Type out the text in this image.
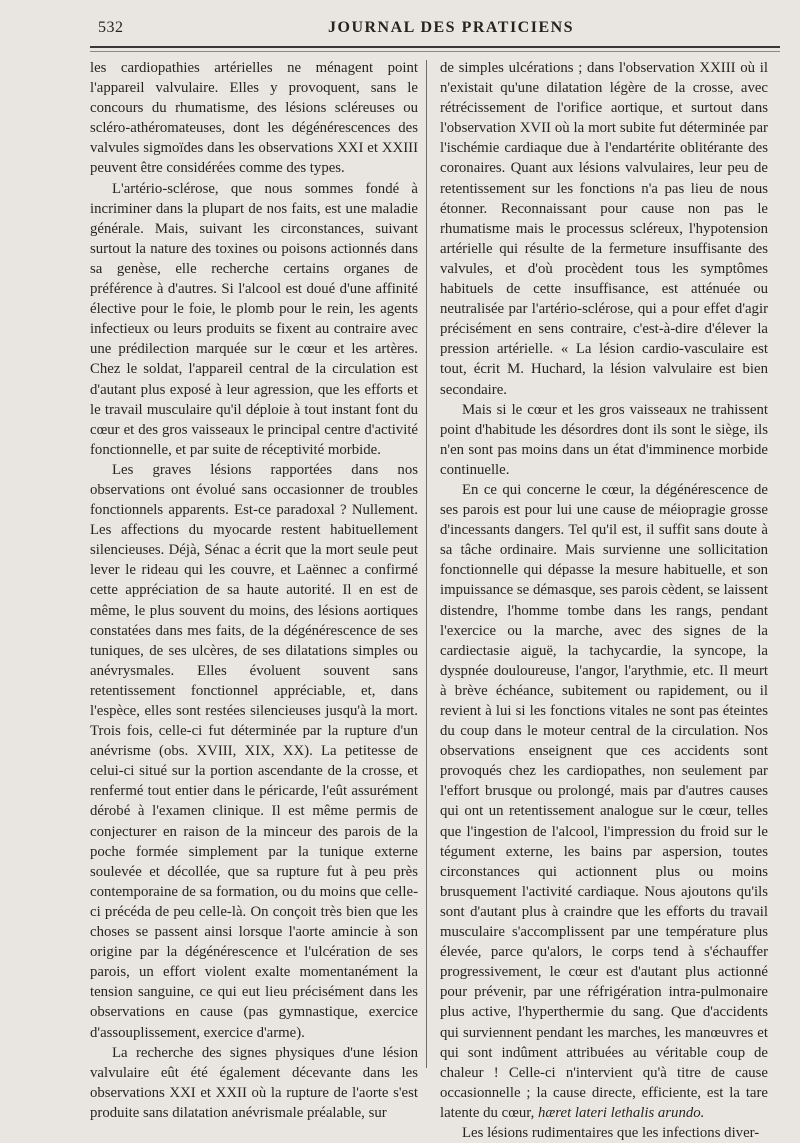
532	JOURNAL DES PRATICIENS

les cardiopathies artérielles ne ménagent point l'appareil valvulaire. Elles y provoquent, sans le concours du rhumatisme, des lésions scléreuses ou scléro-athéromateuses, dont les dégénérescences des valvules sigmoïdes dans les observations XXI et XXIII peuvent être considérées comme des types.

L'artério-sclérose, que nous sommes fondé à incriminer dans la plupart de nos faits, est une maladie générale. Mais, suivant les circonstances, suivant surtout la nature des toxines ou poisons actionnés dans sa genèse, elle recherche certains organes de préférence à d'autres. Si l'alcool est doué d'une affinité élective pour le foie, le plomb pour le rein, les agents infectieux ou leurs produits se fixent au contraire avec une prédilection marquée sur le cœur et les artères. Chez le soldat, l'appareil central de la circulation est d'autant plus exposé à leur agression, que les efforts et le travail musculaire qu'il déploie à tout instant font du cœur et des gros vaisseaux le principal centre d'activité fonctionnelle, et par suite de réceptivité morbide.

Les graves lésions rapportées dans nos observations ont évolué sans occasionner de troubles fonctionnels apparents. Est-ce paradoxal ? Nullement. Les affections du myocarde restent habituellement silencieuses. Déjà, Sénac a écrit que la mort seule peut lever le rideau qui les couvre, et Laënnec a confirmé cette appréciation de sa haute autorité. Il en est de même, le plus souvent du moins, des lésions aortiques constatées dans mes faits, de la dégénérescence de ses tuniques, de ses ulcères, de ses dilatations simples ou anévrysmales. Elles évoluent souvent sans retentissement fonctionnel appréciable, et, dans l'espèce, elles sont restées silencieuses jusqu'à la mort. Trois fois, celle-ci fut déterminée par la rupture d'un anévrisme (obs. XVIII, XIX, XX). La petitesse de celui-ci situé sur la portion ascendante de la crosse, et renfermé tout entier dans le péricarde, l'eût assurément dérobé à l'examen clinique. Il est même permis de conjecturer en raison de la minceur des parois de la poche formée simplement par la tunique externe soulevée et décollée, que sa rupture fut à peu près contemporaine de sa formation, ou du moins que celle-ci précéda de peu celle-là. On conçoit très bien que les choses se passent ainsi lorsque l'aorte amincie à son origine par la dégénérescence et l'ulcération de ses parois, un effort violent exalte momentanément la tension sanguine, ce qui eut lieu précisément dans les observations en cause (pas gymnastique, exercice d'assouplissement, exercice d'arme).

La recherche des signes physiques d'une lésion valvulaire eût été également décevante dans les observations XXI et XXII où la rupture de l'aorte s'est produite sans dilatation anévrismale préalable, sur

de simples ulcérations ; dans l'observation XXIII où il n'existait qu'une dilatation légère de la crosse, avec rétrécissement de l'orifice aortique, et surtout dans l'observation XVII où la mort subite fut déterminée par l'ischémie cardiaque due à l'endartérite oblitérante des coronaires. Quant aux lésions valvulaires, leur peu de retentissement sur les fonctions n'a pas lieu de nous étonner. Reconnaissant pour cause non pas le rhumatisme mais le processus scléreux, l'hypotension artérielle qui résulte de la fermeture insuffisante des valvules, et d'où procèdent tous les symptômes habituels de cette insuffisance, est atténuée ou neutralisée par l'artério-sclérose, qui a pour effet d'agir précisément en sens contraire, c'est-à-dire d'élever la pression artérielle. « La lésion cardio-vasculaire est tout, écrit M. Huchard, la lésion valvulaire est bien secondaire.

Mais si le cœur et les gros vaisseaux ne trahissent point d'habitude les désordres dont ils sont le siège, ils n'en sont pas moins dans un état d'imminence morbide continuelle.

En ce qui concerne le cœur, la dégénérescence de ses parois est pour lui une cause de méiopragie grosse d'incessants dangers. Tel qu'il est, il suffit sans doute à sa tâche ordinaire. Mais survienne une sollicitation fonctionnelle qui dépasse la mesure habituelle, et son impuissance se démasque, ses parois cèdent, se laissent distendre, l'homme tombe dans les rangs, pendant l'exercice ou la marche, avec des signes de la cardiectasie aiguë, la tachycardie, la syncope, la dyspnée douloureuse, l'angor, l'arythmie, etc. Il meurt à brève échéance, subitement ou rapidement, ou il revient à lui si les fonctions vitales ne sont pas éteintes du coup dans le moteur central de la circulation. Nos observations enseignent que ces accidents sont provoqués chez les cardiopathes, non seulement par l'effort brusque ou prolongé, mais par d'autres causes qui ont un retentissement analogue sur le cœur, telles que l'ingestion de l'alcool, l'impression du froid sur le tégument externe, les bains par aspersion, toutes circonstances qui actionnent plus ou moins brusquement l'activité cardiaque. Nous ajoutons qu'ils sont d'autant plus à craindre que les efforts du travail musculaire s'accomplissent par une température plus élevée, parce qu'alors, le corps tend à s'échauffer progressivement, le cœur est d'autant plus actionné pour prévenir, par une réfrigération intra-pulmonaire plus active, l'hyperthermie du sang. Que d'accidents qui surviennent pendant les marches, les manœuvres et qui sont indûment attribuées au véritable coup de chaleur ! Celle-ci n'intervient qu'à titre de cause occasionnelle ; la cause directe, efficiente, est la tare latente du cœur, hæret lateri lethalis arundo.

Les lésions rudimentaires que les infections diver-
